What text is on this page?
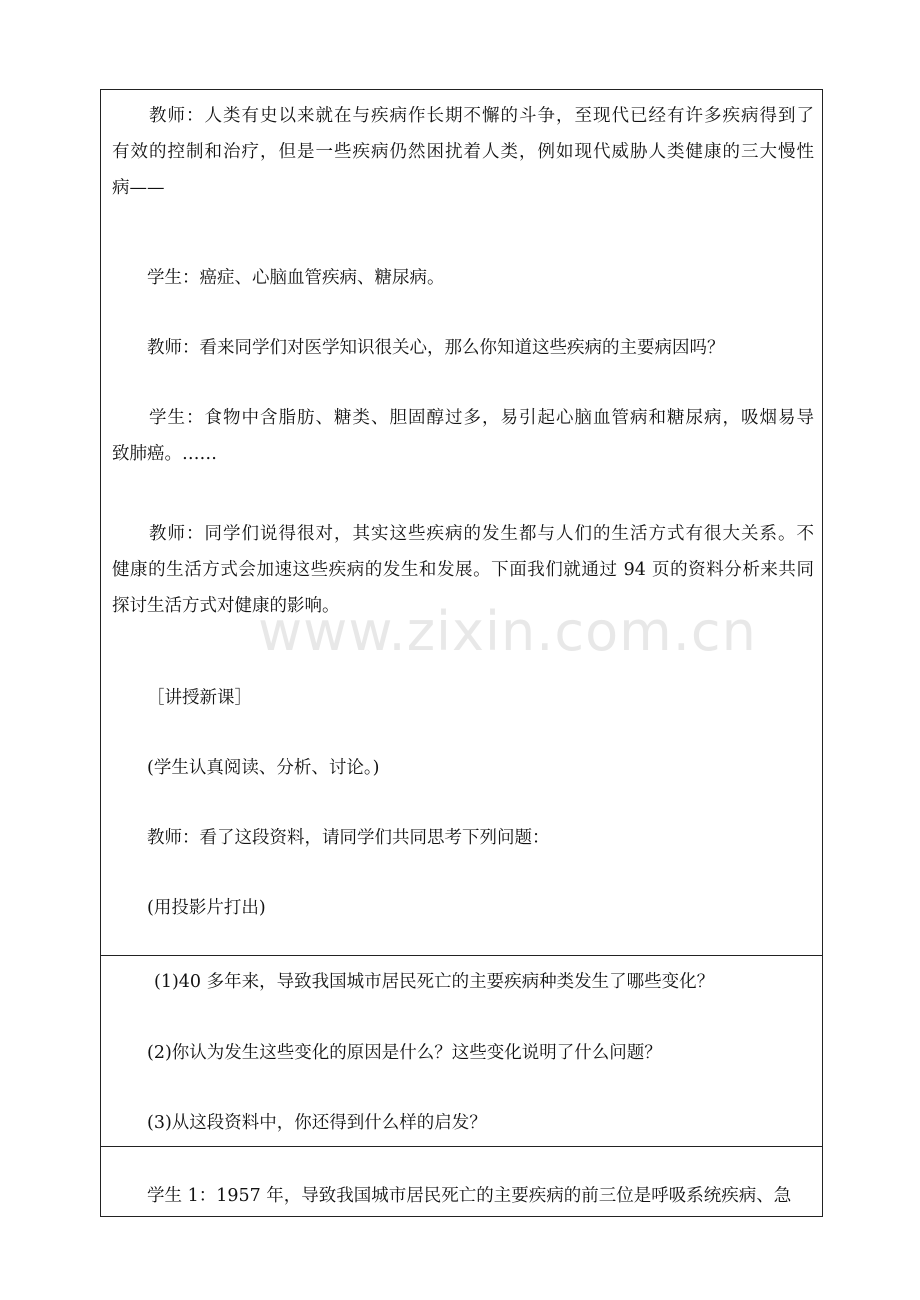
　　教师：人类有史以来就在与疾病作长期不懈的斗争，至现代已经有许多疾病得到了
有效的控制和治疗，但是一些疾病仍然困扰着人类，例如现代威胁人类健康的三大慢性
病——
学生：癌症、心脑血管疾病、糖尿病。
教师：看来同学们对医学知识很关心，那么你知道这些疾病的主要病因吗？
　　学生：食物中含脂肪、糖类、胆固醇过多，易引起心脑血管病和糖尿病，吸烟易导
致肺癌。……
　　教师：同学们说得很对，其实这些疾病的发生都与人们的生活方式有很大关系。不
健康的生活方式会加速这些疾病的发生和发展。下面我们就通过 94 页的资料分析来共同
探讨生活方式对健康的影响。
［讲授新课］
(学生认真阅读、分析、讨论。)
教师：看了这段资料，请同学们共同思考下列问题：
(用投影片打出)
(1)40 多年来，导致我国城市居民死亡的主要疾病种类发生了哪些变化？
(2)你认为发生这些变化的原因是什么？这些变化说明了什么问题？
(3)从这段资料中，你还得到什么样的启发？
学生 1：1957 年，导致我国城市居民死亡的主要疾病的前三位是呼吸系统疾病、急
www.zixin.com.cn
